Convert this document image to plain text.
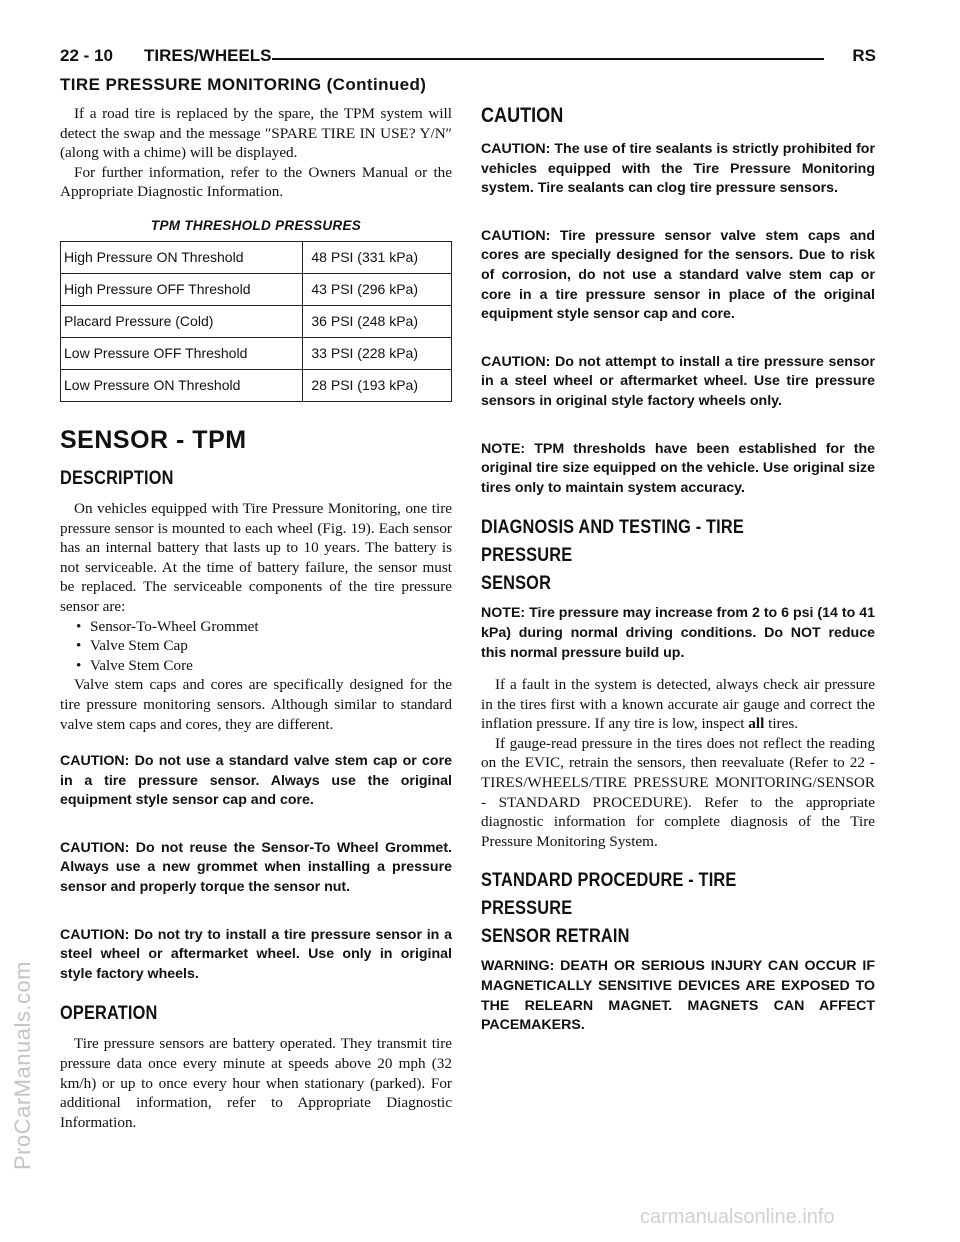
ProCarManuals.com
22 - 10 TIRES/WHEELS	RS
TIRE PRESSURE MONITORING (Continued)

If a road tire is replaced by the spare, the TPM system will detect the swap and the message ″SPARE TIRE IN USE? Y/N″ (along with a chime) will be displayed.

For further information, refer to the Owners Manual or the Appropriate Diagnostic Information.

TPM THRESHOLD PRESSURES
High Pressure ON Threshold	48 PSI (331 kPa)
High Pressure OFF Threshold	43 PSI (296 kPa)
Placard Pressure (Cold)	36 PSI (248 kPa)
Low Pressure OFF Threshold	33 PSI (228 kPa)
Low Pressure ON Threshold	28 PSI (193 kPa)
SENSOR - TPM
DESCRIPTION

On vehicles equipped with Tire Pressure Monitoring, one tire pressure sensor is mounted to each wheel (Fig. 19). Each sensor has an internal battery that lasts up to 10 years. The battery is not serviceable. At the time of battery failure, the sensor must be replaced. The serviceable components of the tire pressure sensor are:

• Sensor-To-Wheel Grommet
• Valve Stem Cap
• Valve Stem Core

Valve stem caps and cores are specifically designed for the tire pressure monitoring sensors. Although similar to standard valve stem caps and cores, they are different.

CAUTION: Do not use a standard valve stem cap or core in a tire pressure sensor. Always use the original equipment style sensor cap and core.
CAUTION: Do not reuse the Sensor-To Wheel Grommet. Always use a new grommet when installing a pressure sensor and properly torque the sensor nut.
CAUTION: Do not try to install a tire pressure sensor in a steel wheel or aftermarket wheel. Use only in original style factory wheels.
OPERATION

Tire pressure sensors are battery operated. They transmit tire pressure data once every minute at speeds above 20 mph (32 km/h) or up to once every hour when stationary (parked). For additional information, refer to Appropriate Diagnostic Information.

CAUTION
CAUTION: The use of tire sealants is strictly prohibited for vehicles equipped with the Tire Pressure Monitoring system. Tire sealants can clog tire pressure sensors.
CAUTION: Tire pressure sensor valve stem caps and cores are specially designed for the sensors. Due to risk of corrosion, do not use a standard valve stem cap or core in a tire pressure sensor in place of the original equipment style sensor cap and core.
CAUTION: Do not attempt to install a tire pressure sensor in a steel wheel or aftermarket wheel. Use tire pressure sensors in original style factory wheels only.
NOTE: TPM thresholds have been established for the original tire size equipped on the vehicle. Use original size tires only to maintain system accuracy.
DIAGNOSIS AND TESTING - TIRE PRESSURE
SENSOR
NOTE: Tire pressure may increase from 2 to 6 psi (14 to 41 kPa) during normal driving conditions. Do NOT reduce this normal pressure build up.

If a fault in the system is detected, always check air pressure in the tires first with a known accurate air gauge and correct the inflation pressure. If any tire is low, inspect all tires.

If gauge-read pressure in the tires does not reflect the reading on the EVIC, retrain the sensors, then reevaluate (Refer to 22 - TIRES/WHEELS/TIRE PRESSURE MONITORING/SENSOR - STANDARD PROCEDURE). Refer to the appropriate diagnostic information for complete diagnosis of the Tire Pressure Monitoring System.

STANDARD PROCEDURE - TIRE PRESSURE
SENSOR RETRAIN
WARNING: DEATH OR SERIOUS INJURY CAN OCCUR IF MAGNETICALLY SENSITIVE DEVICES ARE EXPOSED TO THE RELEARN MAGNET. MAGNETS CAN AFFECT PACEMAKERS.
carmanualsonline.info
